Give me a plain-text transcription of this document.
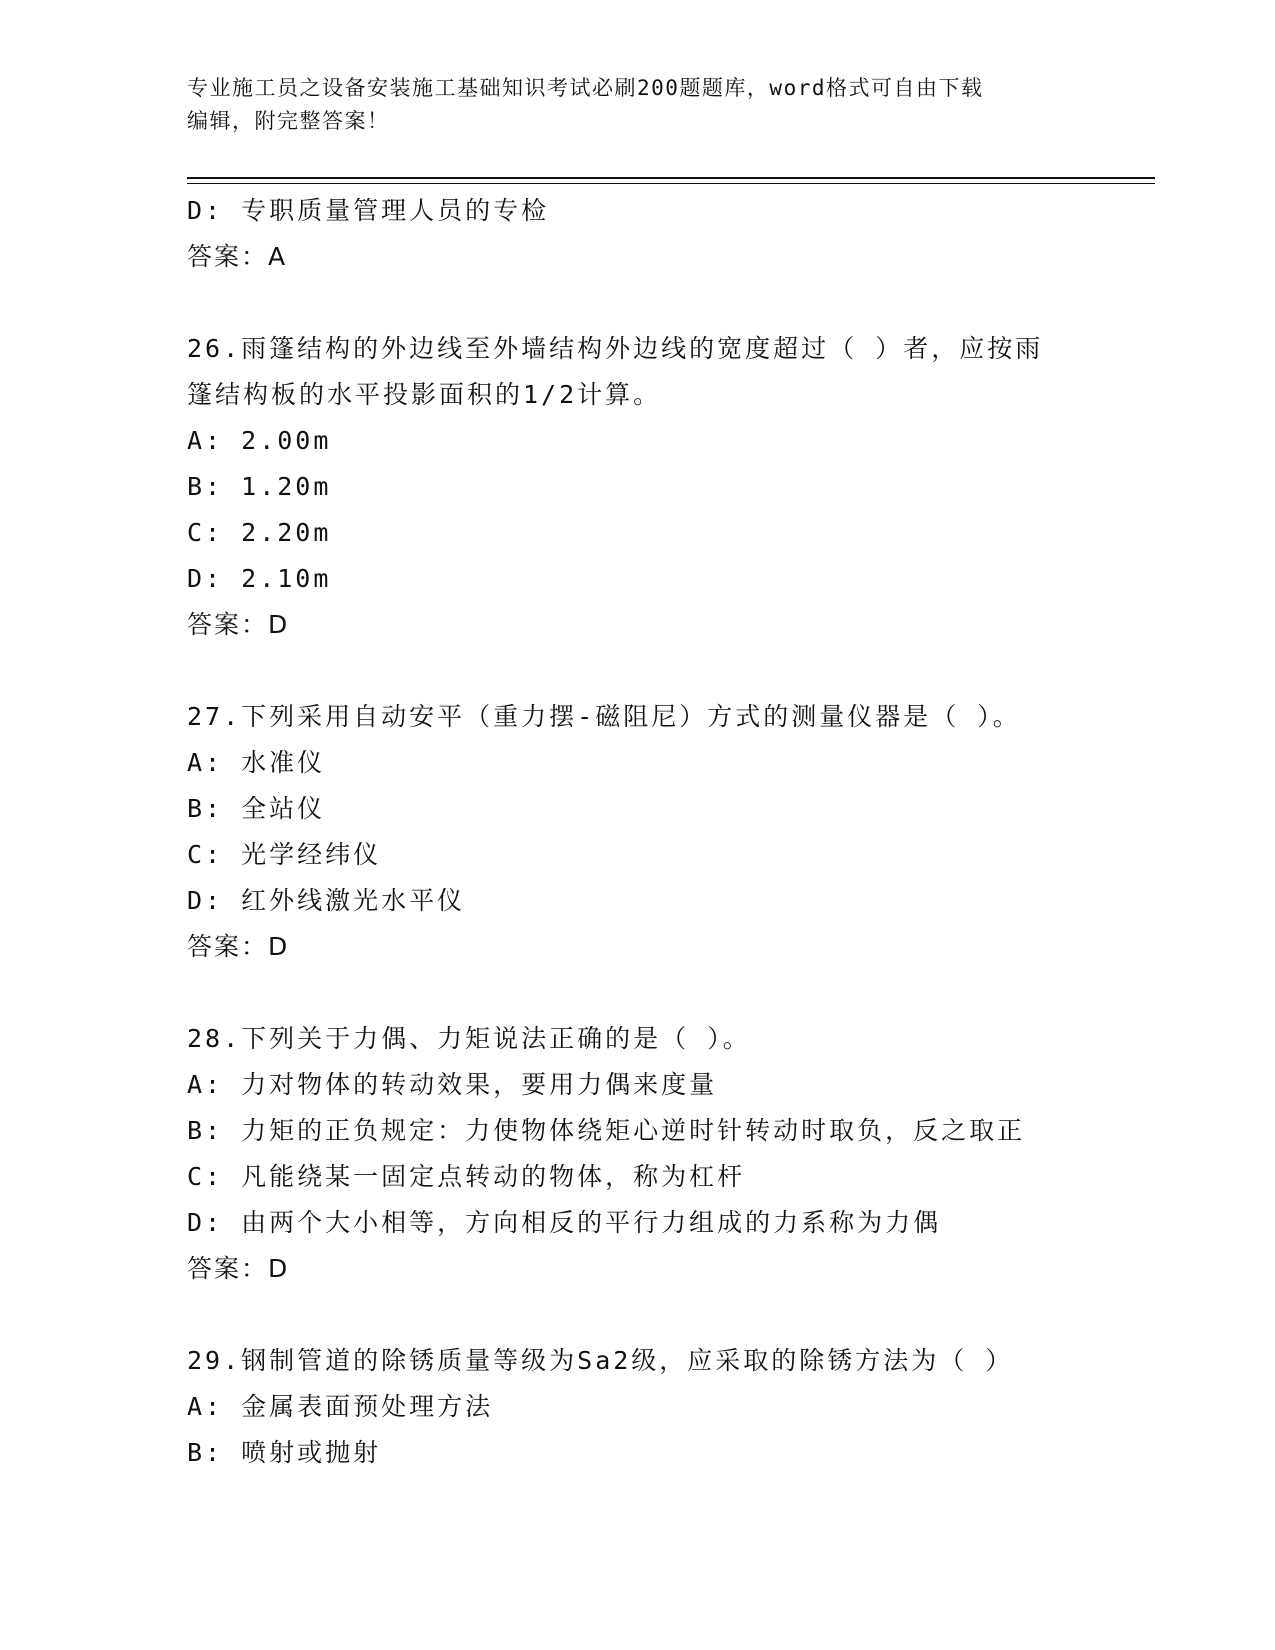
专业施工员之设备安装施工基础知识考试必刷200题题库，word格式可自由下载
编辑，附完整答案！
D: 专职质量管理人员的专检
答案：A
26.雨篷结构的外边线至外墙结构外边线的宽度超过（ ）者，应按雨
篷结构板的水平投影面积的1/2计算。
A: 2.00m
B: 1.20m
C: 2.20m
D: 2.10m
答案：D
27.下列采用自动安平（重力摆-磁阻尼）方式的测量仪器是（ ）。
A: 水准仪
B: 全站仪
C: 光学经纬仪
D: 红外线激光水平仪
答案：D
28.下列关于力偶、力矩说法正确的是（ ）。
A: 力对物体的转动效果，要用力偶来度量
B: 力矩的正负规定：力使物体绕矩心逆时针转动时取负，反之取正
C: 凡能绕某一固定点转动的物体，称为杠杆
D: 由两个大小相等，方向相反的平行力组成的力系称为力偶
答案：D
29.钢制管道的除锈质量等级为Sa2级，应采取的除锈方法为（ ）
A: 金属表面预处理方法
B: 喷射或抛射
